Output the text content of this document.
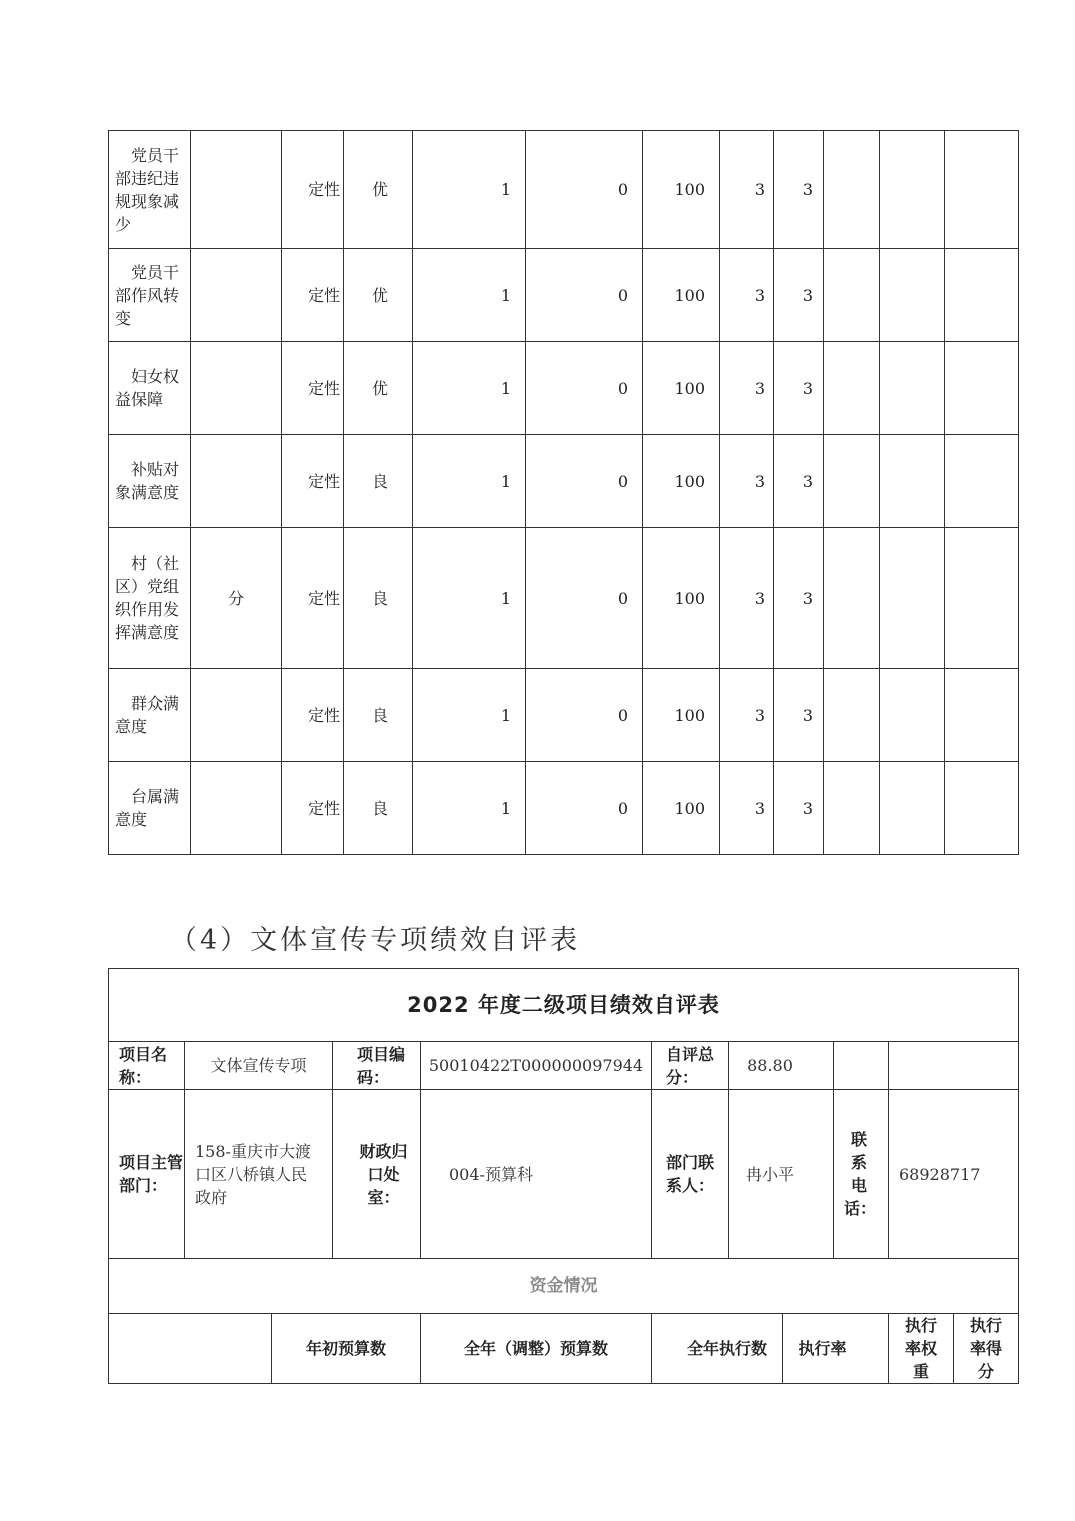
党员干部违纪违规现象减少		定性	优	1	0	100	3	3			
党员干部作风转变		定性	优	1	0	100	3	3			
妇女权益保障		定性	优	1	0	100	3	3			
补贴对象满意度		定性	良	1	0	100	3	3			
村（社区）党组织作用发挥满意度	分	定性	良	1	0	100	3	3			
群众满意度		定性	良	1	0	100	3	3			
台属满意度		定性	良	1	0	100	3	3			
（4）文体宣传专项绩效自评表
2022 年度二级项目绩效自评表										
项目名称：	文体宣传专项		项目编码：	50010422T000000097944	自评总分：	88.80				
项目主管部门：	158-重庆市大渡口区八桥镇人民政府		财政归口处室：	004-预算科	部门联系人：	冉小平		联系电话：	68928717	
资金情况										
		年初预算数		全年（调整）预算数	全年执行数		执行率		执行率权重	执行率得分
